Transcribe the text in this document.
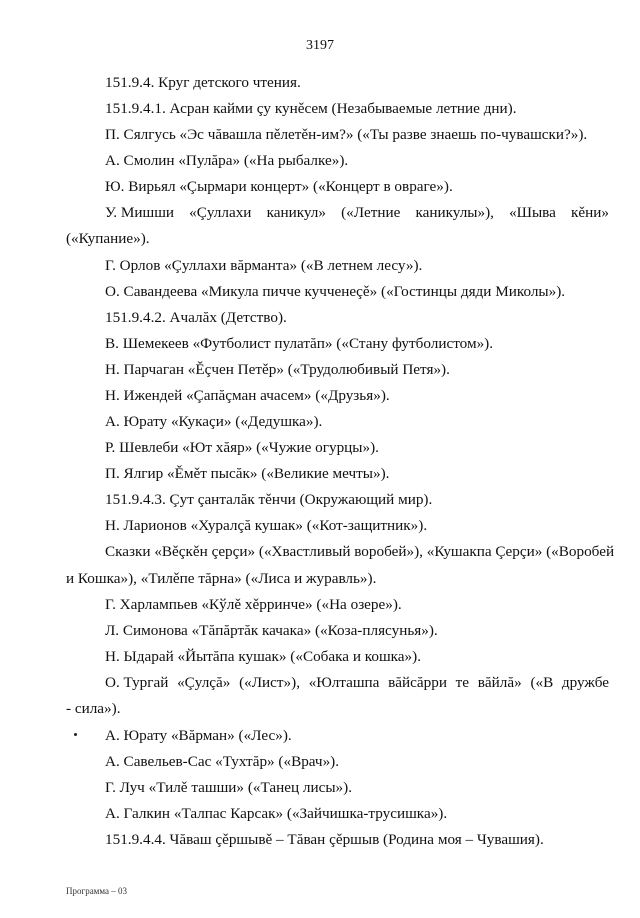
3197
151.9.4. Круг детского чтения.
151.9.4.1. Асран кайми çу кунěсем (Незабываемые летние дни).
П. Сялгусь «Эс чăвашла пěлетěн-им?» («Ты разве знаешь по-чувашски?»).
А. Смолин «Пулăра» («На рыбалке»).
Ю. Вирьял «Çырмари концерт» («Концерт в овраге»).
У. Мишши «Çуллахи каникул» («Летние каникулы»), «Шыва кěни»
(«Купание»).
Г. Орлов «Çуллахи вăрманта» («В летнем лесу»).
О. Савандеева «Микула пичче кучченеçě» («Гостинцы дяди Миколы»).
151.9.4.2. Ачалăх (Детство).
В. Шемекеев «Футболист пулатăп» («Стану футболистом»).
Н. Парчаган «Ěçчен Петěр» («Трудолюбивый Петя»).
Н. Ижендей «Çапăçман ачасем» («Друзья»).
А. Юрату «Кукаçи» («Дедушка»).
Р. Шевлеби «Ют хăяр» («Чужие огурцы»).
П. Ялгир «Ěмěт пысăк» («Великие мечты»).
151.9.4.3. Çут çанталăк тěнчи (Окружающий мир).
Н. Ларионов «Хуралçă кушак» («Кот-защитник»).
Сказки «Вěçкěн çерçи» («Хвастливый воробей»), «Кушакпа Çерçи» («Воробей
и Кошка»), «Тилěпе тăрна» («Лиса и журавль»).
Г. Харлампьев «Кўлě хěрринче» («На озере»).
Л. Симонова «Тăпăртăк качака» («Коза-плясунья»).
Н. Ыдарай «Йытăпа кушак» («Собака и кошка»).
О. Тургай «Çулçă» («Лист»), «Юлташпа вăйсăрри те вăйлă» («В дружбе
- сила»).
А. Юрату «Вăрман» («Лес»).
А. Савельев-Сас «Тухтăр» («Врач»).
Г. Луч «Тилě ташши» («Танец лисы»).
А. Галкин «Талпас Карсак» («Зайчишка-трусишка»).
151.9.4.4. Чăваш çěршывě – Тăван çěршыв (Родина моя – Чувашия).
Программа – 03
